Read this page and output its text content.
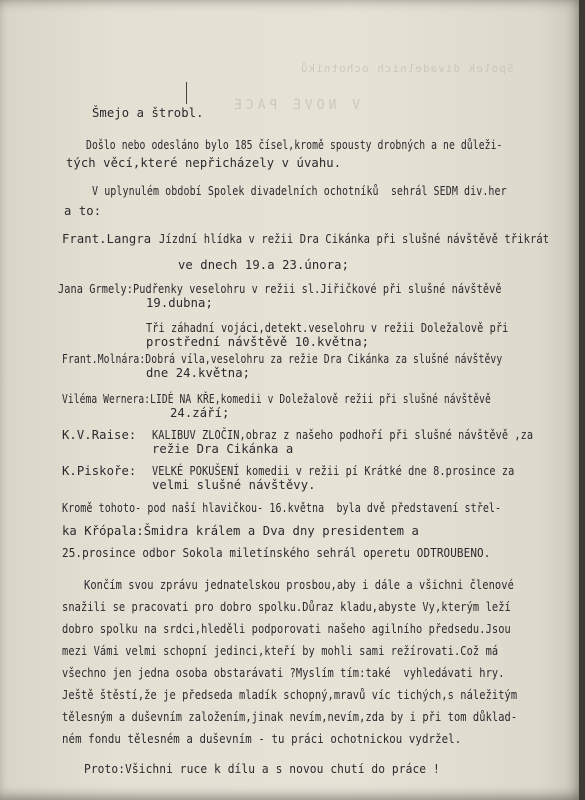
Spolek divadelních ochotníků
V NOVÉ PACE
Šmejo a štrobl.
Došlo nebo odesláno bylo 185 čísel,kromě spousty drobných a ne důleži-
tých věcí,které nepřicházely v úvahu.
V uplynulém období Spolek divadelních ochotníků  sehrál SEDM div.her
a to:
Frant.Langra Jízdní hlídka v režii Dra Cikánka při slušné návštěvě třikrát
ve dnech 19.a 23.února;
Jana Grmely:Pudřenky veselohru v režii sl.Jiřičkové při slušné návštěvě
19.dubna;
Tři záhadní vojáci,detekt.veselohru v režii Doležalově při
prostřední návštěvě 10.května;
Frant.Molnára:Dobrá víla,veselohru za režie Dra Cikánka za slušné návštěvy
dne 24.května;
Viléma Wernera:LIDÉ NA KŘE,komedii v Doležalově režii při slušné návštěvě
24.září;
K.V.Raise: KALIBUV ZLOČIN,obraz z našeho podhoří při slušné návštěvě ,za
režie Dra Cikánka a
K.Piskoře: VELKÉ POKUŠENÍ komedii v režii pí Krátké dne 8.prosince za
velmi slušné návštěvy.
Kromě tohoto- pod naší hlavičkou- 16.května  byla dvě představení střel-
ka Křópala:Šmidra králem a Dva dny presidentem a
25.prosince odbor Sokola miletínského sehrál operetu ODTROUBENO.
Končím svou zprávu jednatelskou prosbou,aby i dále a všichni členové
snažili se pracovati pro dobro spolku.Důraz kladu,abyste Vy,kterým leží
dobro spolku na srdci,hleděli podporovati našeho agilního předsedu.Jsou
mezi Vámi velmi schopní jedinci,kteří by mohli sami režírovati.Což má
všechno jen jedna osoba obstarávati ?Myslím tím:také  vyhledávati hry.
Ještě štěstí,že je předseda mladík schopný,mravů víc tichých,s náležitým
tělesným a duševním založením,jinak nevím,nevím,zda by i při tom důklad-
ném fondu tělesném a duševním - tu práci ochotnickou vydržel.
Proto:Všichni ruce k dílu a s novou chutí do práce !
